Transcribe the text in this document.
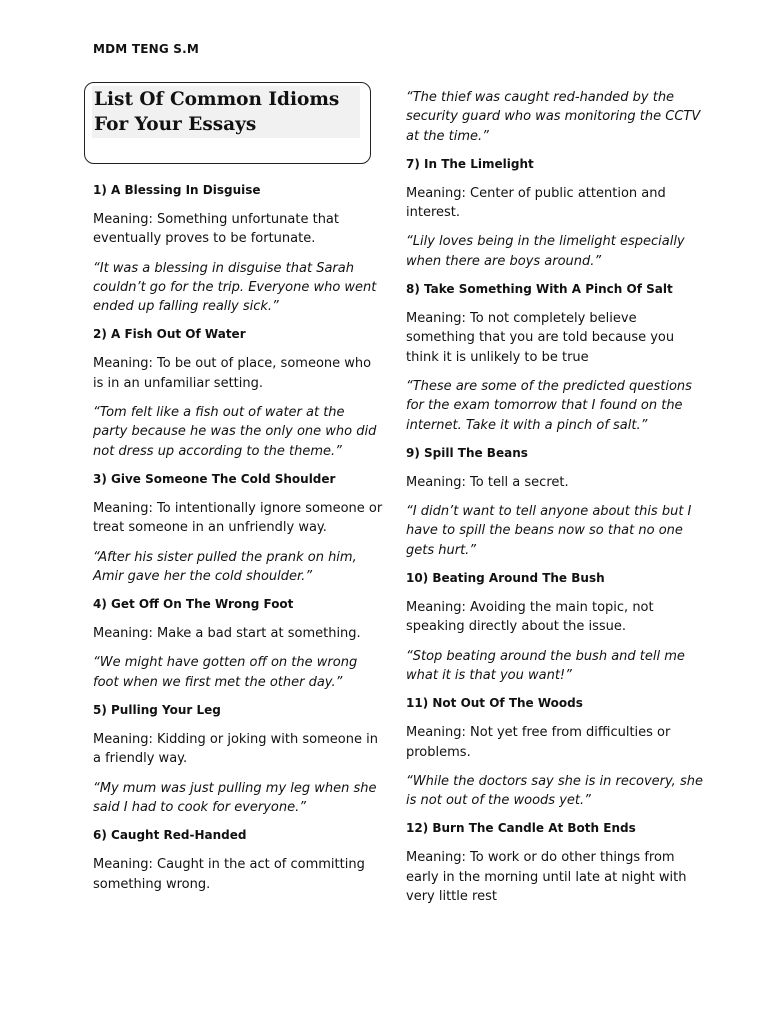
MDM TENG S.M
List Of Common Idioms
For Your Essays

1) A Blessing In Disguise

Meaning: Something unfortunate that eventually proves to be fortunate.

“It was a blessing in disguise that Sarah couldn’t go for the trip. Everyone who went ended up falling really sick.”

2) A Fish Out Of Water

Meaning: To be out of place, someone who is in an unfamiliar setting.

“Tom felt like a fish out of water at the party because he was the only one who did not dress up according to the theme.”

3) Give Someone The Cold Shoulder

Meaning: To intentionally ignore someone or treat someone in an unfriendly way.

“After his sister pulled the prank on him, Amir gave her the cold shoulder.”

4) Get Off On The Wrong Foot

Meaning: Make a bad start at something.

“We might have gotten off on the wrong foot when we first met the other day.”

5) Pulling Your Leg

Meaning: Kidding or joking with someone in a friendly way.

“My mum was just pulling my leg when she said I had to cook for everyone.”

6) Caught Red-Handed

Meaning: Caught in the act of committing something wrong.

“The thief was caught red-handed by the security guard who was monitoring the CCTV at the time.”

7) In The Limelight

Meaning: Center of public attention and interest.

“Lily loves being in the limelight especially when there are boys around.”

8) Take Something With A Pinch Of Salt

Meaning: To not completely believe something that you are told because you think it is unlikely to be true

“These are some of the predicted questions for the exam tomorrow that I found on the internet. Take it with a pinch of salt.”

9) Spill The Beans

Meaning: To tell a secret.

“I didn’t want to tell anyone about this but I have to spill the beans now so that no one gets hurt.”

10) Beating Around The Bush

Meaning: Avoiding the main topic, not speaking directly about the issue.

“Stop beating around the bush and tell me what it is that you want!”

11) Not Out Of The Woods

Meaning: Not yet free from difficulties or problems.

“While the doctors say she is in recovery, she is not out of the woods yet.”

12) Burn The Candle At Both Ends

Meaning: To work or do other things from early in the morning until late at night with very little rest
